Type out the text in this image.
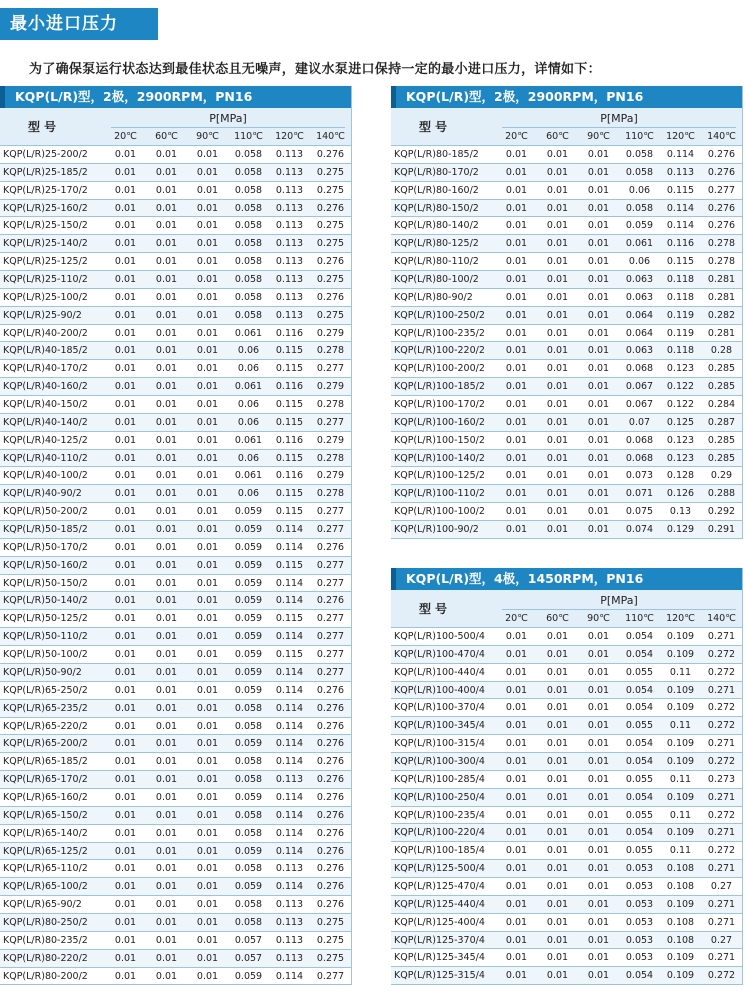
最小进口压力
为了确保泵运行状态达到最佳状态且无噪声，建议水泵进口保持一定的最小进口压力，详情如下：
KQP(L/R)型，2极，2900RPM，PN16
型号
P[MPa]
20℃	60℃	90℃	110℃	120℃	140℃
KQP(L/R)25-200/2	0.01	0.01	0.01	0.058	0.113	0.276
KQP(L/R)25-185/2	0.01	0.01	0.01	0.058	0.113	0.275
KQP(L/R)25-170/2	0.01	0.01	0.01	0.058	0.113	0.275
KQP(L/R)25-160/2	0.01	0.01	0.01	0.058	0.113	0.276
KQP(L/R)25-150/2	0.01	0.01	0.01	0.058	0.113	0.275
KQP(L/R)25-140/2	0.01	0.01	0.01	0.058	0.113	0.275
KQP(L/R)25-125/2	0.01	0.01	0.01	0.058	0.113	0.276
KQP(L/R)25-110/2	0.01	0.01	0.01	0.058	0.113	0.275
KQP(L/R)25-100/2	0.01	0.01	0.01	0.058	0.113	0.276
KQP(L/R)25-90/2	0.01	0.01	0.01	0.058	0.113	0.275
KQP(L/R)40-200/2	0.01	0.01	0.01	0.061	0.116	0.279
KQP(L/R)40-185/2	0.01	0.01	0.01	0.06	0.115	0.278
KQP(L/R)40-170/2	0.01	0.01	0.01	0.06	0.115	0.277
KQP(L/R)40-160/2	0.01	0.01	0.01	0.061	0.116	0.279
KQP(L/R)40-150/2	0.01	0.01	0.01	0.06	0.115	0.278
KQP(L/R)40-140/2	0.01	0.01	0.01	0.06	0.115	0.277
KQP(L/R)40-125/2	0.01	0.01	0.01	0.061	0.116	0.279
KQP(L/R)40-110/2	0.01	0.01	0.01	0.06	0.115	0.278
KQP(L/R)40-100/2	0.01	0.01	0.01	0.061	0.116	0.279
KQP(L/R)40-90/2	0.01	0.01	0.01	0.06	0.115	0.278
KQP(L/R)50-200/2	0.01	0.01	0.01	0.059	0.115	0.277
KQP(L/R)50-185/2	0.01	0.01	0.01	0.059	0.114	0.277
KQP(L/R)50-170/2	0.01	0.01	0.01	0.059	0.114	0.276
KQP(L/R)50-160/2	0.01	0.01	0.01	0.059	0.115	0.277
KQP(L/R)50-150/2	0.01	0.01	0.01	0.059	0.114	0.277
KQP(L/R)50-140/2	0.01	0.01	0.01	0.059	0.114	0.276
KQP(L/R)50-125/2	0.01	0.01	0.01	0.059	0.115	0.277
KQP(L/R)50-110/2	0.01	0.01	0.01	0.059	0.114	0.277
KQP(L/R)50-100/2	0.01	0.01	0.01	0.059	0.115	0.277
KQP(L/R)50-90/2	0.01	0.01	0.01	0.059	0.114	0.277
KQP(L/R)65-250/2	0.01	0.01	0.01	0.059	0.114	0.276
KQP(L/R)65-235/2	0.01	0.01	0.01	0.058	0.114	0.276
KQP(L/R)65-220/2	0.01	0.01	0.01	0.058	0.114	0.276
KQP(L/R)65-200/2	0.01	0.01	0.01	0.059	0.114	0.276
KQP(L/R)65-185/2	0.01	0.01	0.01	0.058	0.114	0.276
KQP(L/R)65-170/2	0.01	0.01	0.01	0.058	0.113	0.276
KQP(L/R)65-160/2	0.01	0.01	0.01	0.059	0.114	0.276
KQP(L/R)65-150/2	0.01	0.01	0.01	0.058	0.114	0.276
KQP(L/R)65-140/2	0.01	0.01	0.01	0.058	0.114	0.276
KQP(L/R)65-125/2	0.01	0.01	0.01	0.059	0.114	0.276
KQP(L/R)65-110/2	0.01	0.01	0.01	0.058	0.113	0.276
KQP(L/R)65-100/2	0.01	0.01	0.01	0.059	0.114	0.276
KQP(L/R)65-90/2	0.01	0.01	0.01	0.058	0.113	0.276
KQP(L/R)80-250/2	0.01	0.01	0.01	0.058	0.113	0.275
KQP(L/R)80-235/2	0.01	0.01	0.01	0.057	0.113	0.275
KQP(L/R)80-220/2	0.01	0.01	0.01	0.057	0.113	0.275
KQP(L/R)80-200/2	0.01	0.01	0.01	0.059	0.114	0.277
KQP(L/R)型，2极，2900RPM，PN16
型号
P[MPa]
20℃	60℃	90℃	110℃	120℃	140℃
KQP(L/R)80-185/2	0.01	0.01	0.01	0.058	0.114	0.276
KQP(L/R)80-170/2	0.01	0.01	0.01	0.058	0.113	0.276
KQP(L/R)80-160/2	0.01	0.01	0.01	0.06	0.115	0.277
KQP(L/R)80-150/2	0.01	0.01	0.01	0.058	0.114	0.276
KQP(L/R)80-140/2	0.01	0.01	0.01	0.059	0.114	0.276
KQP(L/R)80-125/2	0.01	0.01	0.01	0.061	0.116	0.278
KQP(L/R)80-110/2	0.01	0.01	0.01	0.06	0.115	0.278
KQP(L/R)80-100/2	0.01	0.01	0.01	0.063	0.118	0.281
KQP(L/R)80-90/2	0.01	0.01	0.01	0.063	0.118	0.281
KQP(L/R)100-250/2	0.01	0.01	0.01	0.064	0.119	0.282
KQP(L/R)100-235/2	0.01	0.01	0.01	0.064	0.119	0.281
KQP(L/R)100-220/2	0.01	0.01	0.01	0.063	0.118	0.28
KQP(L/R)100-200/2	0.01	0.01	0.01	0.068	0.123	0.285
KQP(L/R)100-185/2	0.01	0.01	0.01	0.067	0.122	0.285
KQP(L/R)100-170/2	0.01	0.01	0.01	0.067	0.122	0.284
KQP(L/R)100-160/2	0.01	0.01	0.01	0.07	0.125	0.287
KQP(L/R)100-150/2	0.01	0.01	0.01	0.068	0.123	0.285
KQP(L/R)100-140/2	0.01	0.01	0.01	0.068	0.123	0.285
KQP(L/R)100-125/2	0.01	0.01	0.01	0.073	0.128	0.29
KQP(L/R)100-110/2	0.01	0.01	0.01	0.071	0.126	0.288
KQP(L/R)100-100/2	0.01	0.01	0.01	0.075	0.13	0.292
KQP(L/R)100-90/2	0.01	0.01	0.01	0.074	0.129	0.291
KQP(L/R)型，4极，1450RPM，PN16
型号
P[MPa]
20℃	60℃	90℃	110℃	120℃	140℃
KQP(L/R)100-500/4	0.01	0.01	0.01	0.054	0.109	0.271
KQP(L/R)100-470/4	0.01	0.01	0.01	0.054	0.109	0.272
KQP(L/R)100-440/4	0.01	0.01	0.01	0.055	0.11	0.272
KQP(L/R)100-400/4	0.01	0.01	0.01	0.054	0.109	0.271
KQP(L/R)100-370/4	0.01	0.01	0.01	0.054	0.109	0.272
KQP(L/R)100-345/4	0.01	0.01	0.01	0.055	0.11	0.272
KQP(L/R)100-315/4	0.01	0.01	0.01	0.054	0.109	0.271
KQP(L/R)100-300/4	0.01	0.01	0.01	0.054	0.109	0.272
KQP(L/R)100-285/4	0.01	0.01	0.01	0.055	0.11	0.273
KQP(L/R)100-250/4	0.01	0.01	0.01	0.054	0.109	0.271
KQP(L/R)100-235/4	0.01	0.01	0.01	0.055	0.11	0.272
KQP(L/R)100-220/4	0.01	0.01	0.01	0.054	0.109	0.271
KQP(L/R)100-185/4	0.01	0.01	0.01	0.055	0.11	0.272
KQP(L/R)125-500/4	0.01	0.01	0.01	0.053	0.108	0.271
KQP(L/R)125-470/4	0.01	0.01	0.01	0.053	0.108	0.27
KQP(L/R)125-440/4	0.01	0.01	0.01	0.053	0.109	0.271
KQP(L/R)125-400/4	0.01	0.01	0.01	0.053	0.108	0.271
KQP(L/R)125-370/4	0.01	0.01	0.01	0.053	0.108	0.27
KQP(L/R)125-345/4	0.01	0.01	0.01	0.053	0.109	0.271
KQP(L/R)125-315/4	0.01	0.01	0.01	0.054	0.109	0.272
